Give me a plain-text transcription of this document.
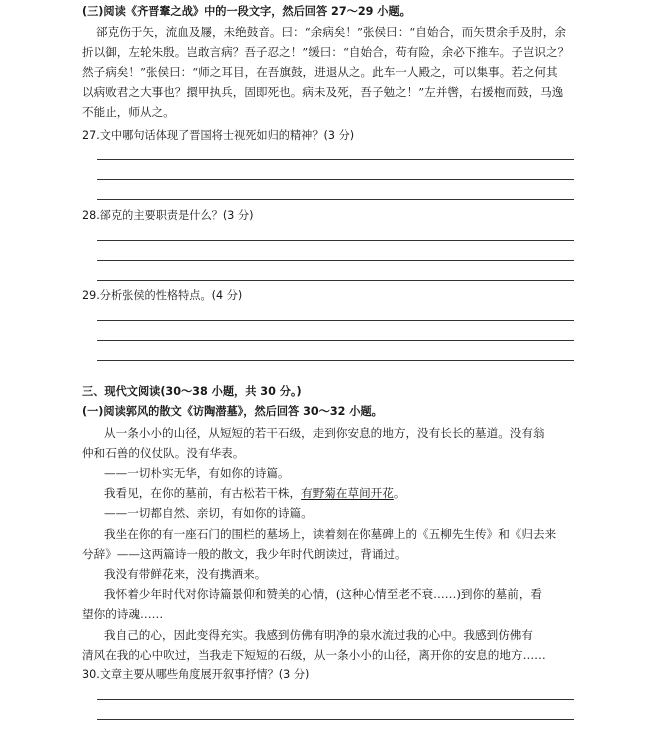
(三)阅读《齐晋鞌之战》中的一段文字，然后回答 27～29 小题。
郤克伤于矢，流血及屦，未绝鼓音。曰：“余病矣！”张侯曰：“自始合，而矢贯余手及肘，余
折以御，左轮朱殷。岂敢言病？吾子忍之！”缓曰：“自始合，苟有险，余必下推车。子岂识之？
然子病矣！”张侯曰：“师之耳目，在吾旗鼓，进退从之。此车一人殿之，可以集事。若之何其
以病败君之大事也？擐甲执兵，固即死也。病未及死，吾子勉之！”左并辔，右援枹而鼓，马逸
不能止，师从之。
27.文中哪句话体现了晋国将士视死如归的精神？(3 分)
28.郤克的主要职责是什么？(3 分)
29.分析张侯的性格特点。(4 分)
三、现代文阅读(30～38 小题，共 30 分。)
(一)阅读郭风的散文《访陶潜墓》，然后回答 30～32 小题。
从一条小小的山径，从短短的若干石级，走到你安息的地方，没有长长的墓道。没有翁
仲和石兽的仪仗队。没有华表。
——一切朴实无华，有如你的诗篇。
我看见，在你的墓前，有古松若干株，有野菊在草间开花。
——一切都自然、亲切，有如你的诗篇。
我坐在你的有一座石门的围栏的墓场上，读着刻在你墓碑上的《五柳先生传》和《归去来
兮辞》——这两篇诗一般的散文，我少年时代朗读过，背诵过。
我没有带鲜花来，没有携酒来。
我怀着少年时代对你诗篇景仰和赞美的心情，(这种心情至老不衰……)到你的墓前，看
望你的诗魂……
我自己的心，因此变得充实。我感到仿佛有明净的泉水流过我的心中。我感到仿佛有
清风在我的心中吹过，当我走下短短的石级，从一条小小的山径，离开你的安息的地方……
30.文章主要从哪些角度展开叙事抒情？(3 分)
